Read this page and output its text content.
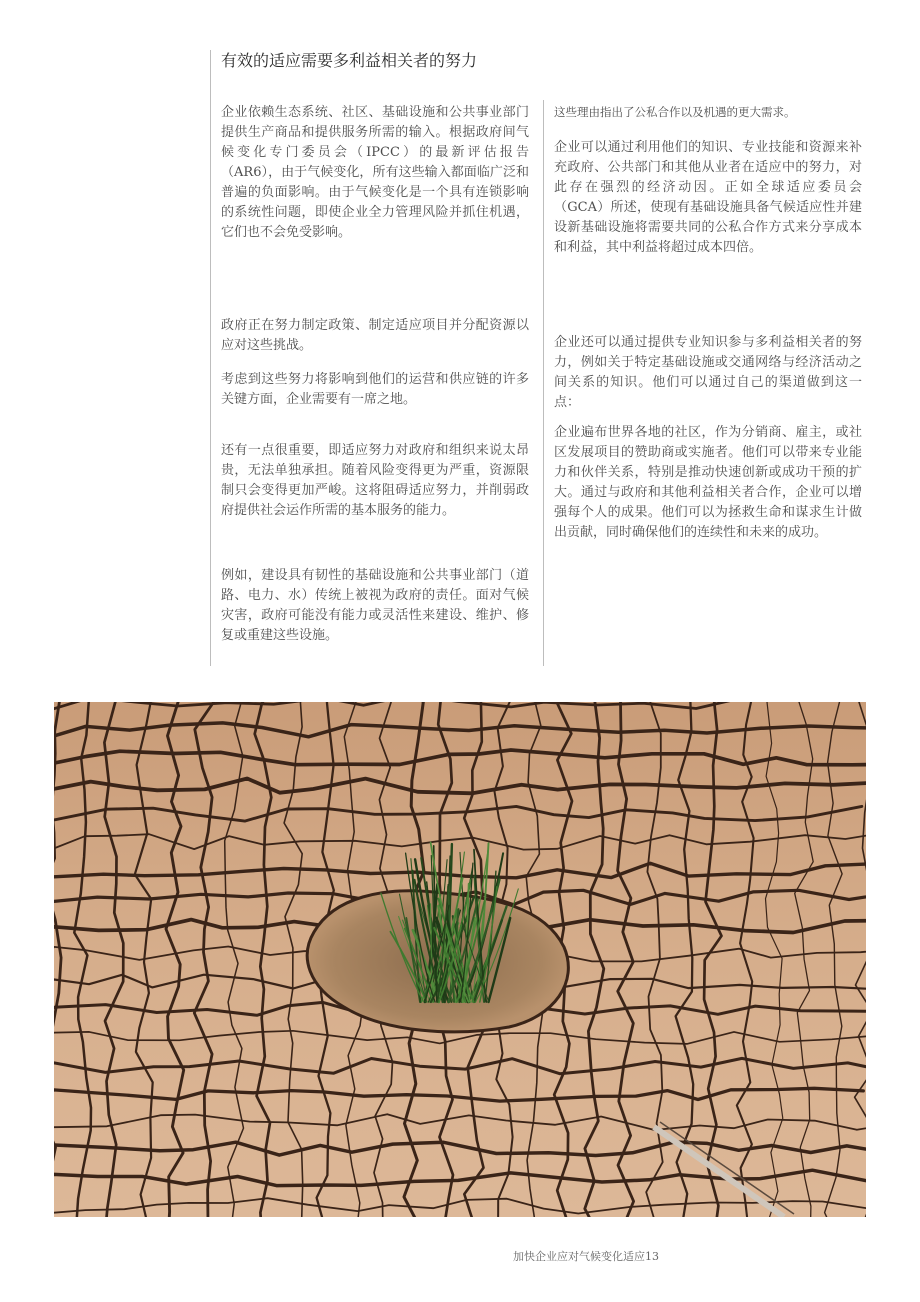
有效的适应需要多利益相关者的努力

企业依赖生态系统、社区、基础设施和公共事业部门提供生产商品和提供服务所需的输入。根据政府间气候变化专门委员会（IPCC）的最新评估报告（AR6），由于气候变化，所有这些输入都面临广泛和普遍的负面影响。由于气候变化是一个具有连锁影响的系统性问题，即使企业全力管理风险并抓住机遇，它们也不会免受影响。

政府正在努力制定政策、制定适应项目并分配资源以应对这些挑战。

考虑到这些努力将影响到他们的运营和供应链的许多关键方面，企业需要有一席之地。

还有一点很重要，即适应努力对政府和组织来说太昂贵，无法单独承担。随着风险变得更为严重，资源限制只会变得更加严峻。这将阻碍适应努力，并削弱政府提供社会运作所需的基本服务的能力。

例如，建设具有韧性的基础设施和公共事业部门（道路、电力、水）传统上被视为政府的责任。面对气候灾害，政府可能没有能力或灵活性来建设、维护、修复或重建这些设施。

这些理由指出了公私合作以及机遇的更大需求。

企业可以通过利用他们的知识、专业技能和资源来补充政府、公共部门和其他从业者在适应中的努力，对此存在强烈的经济动因。正如全球适应委员会（GCA）所述，使现有基础设施具备气候适应性并建设新基础设施将需要共同的公私合作方式来分享成本和利益，其中利益将超过成本四倍。

企业还可以通过提供专业知识参与多利益相关者的努力，例如关于特定基础设施或交通网络与经济活动之间关系的知识。他们可以通过自己的渠道做到这一点：

企业遍布世界各地的社区，作为分销商、雇主，或社区发展项目的赞助商或实施者。他们可以带来专业能力和伙伴关系，特别是推动快速创新或成功干预的扩大。通过与政府和其他利益相关者合作，企业可以增强每个人的成果。他们可以为拯救生命和谋求生计做出贡献，同时确保他们的连续性和未来的成功。

加快企业应对气候变化适应13
